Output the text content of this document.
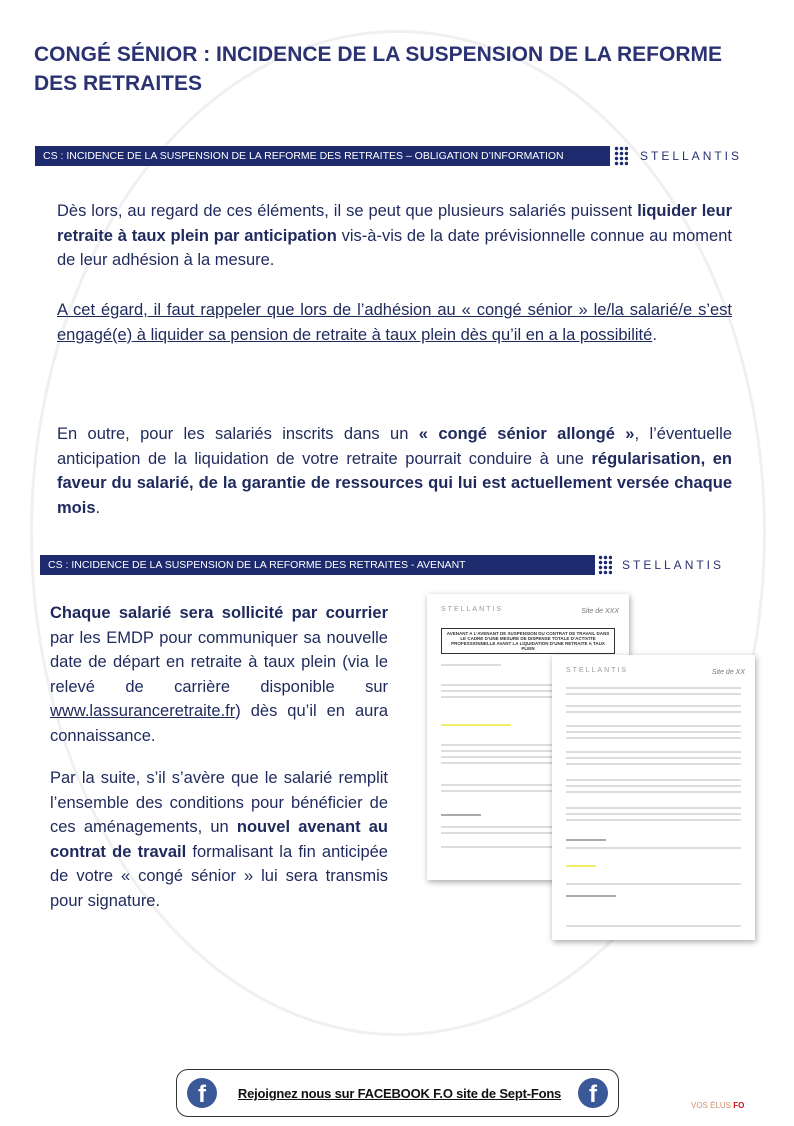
CONGÉ SÉNIOR : INCIDENCE DE LA SUSPENSION DE LA REFORME DES RETRAITES
CS : INCIDENCE DE LA SUSPENSION DE LA REFORME DES RETRAITES – OBLIGATION D’INFORMATION	STELLANTIS
Dès lors, au regard de ces éléments, il se peut que plusieurs salariés puissent liquider leur retraite à taux plein par anticipation vis-à-vis de la date prévisionnelle connue au moment de leur adhésion à la mesure.
A cet égard, il faut rappeler que lors de l’adhésion au « congé sénior » le/la salarié/e s’est engagé(e) à liquider sa pension de retraite à taux plein dès qu’il en a la possibilité.
En outre, pour les salariés inscrits dans un « congé sénior allongé », l’éventuelle anticipation de la liquidation de votre retraite pourrait conduire à une régularisation, en faveur du salarié, de la garantie de ressources qui lui est actuellement versée chaque mois.
CS : INCIDENCE DE LA SUSPENSION DE LA REFORME DES RETRAITES - AVENANT	STELLANTIS
Chaque salarié sera sollicité par courrier par les EMDP pour communiquer sa nouvelle date de départ en retraite à taux plein (via le relevé de carrière disponible sur www.lassuranceretraite.fr) dès qu’il en aura connaissance.
Par la suite, s’il s’avère que le salarié remplit l’ensemble des conditions pour bénéficier de ces aménagements, un nouvel avenant au contrat de travail formalisant la fin anticipée de votre « congé sénior » lui sera transmis pour signature.
STELLANTIS	Site de XXX
AVENANT A L’AVENANT DE SUSPENSION DU CONTRAT DE TRAVAIL DANS LE CADRE D’UNE MESURE DE DISPENSE TOTALE D’ACTIVITE PROFESSIONNELLE AVANT LA LIQUIDATION D’UNE RETRAITE A TAUX PLEIN
STELLANTIS	Site de XX
f	Rejoignez nous sur FACEBOOK F.O site de Sept-Fons	f	VOS ÉLUS FO
